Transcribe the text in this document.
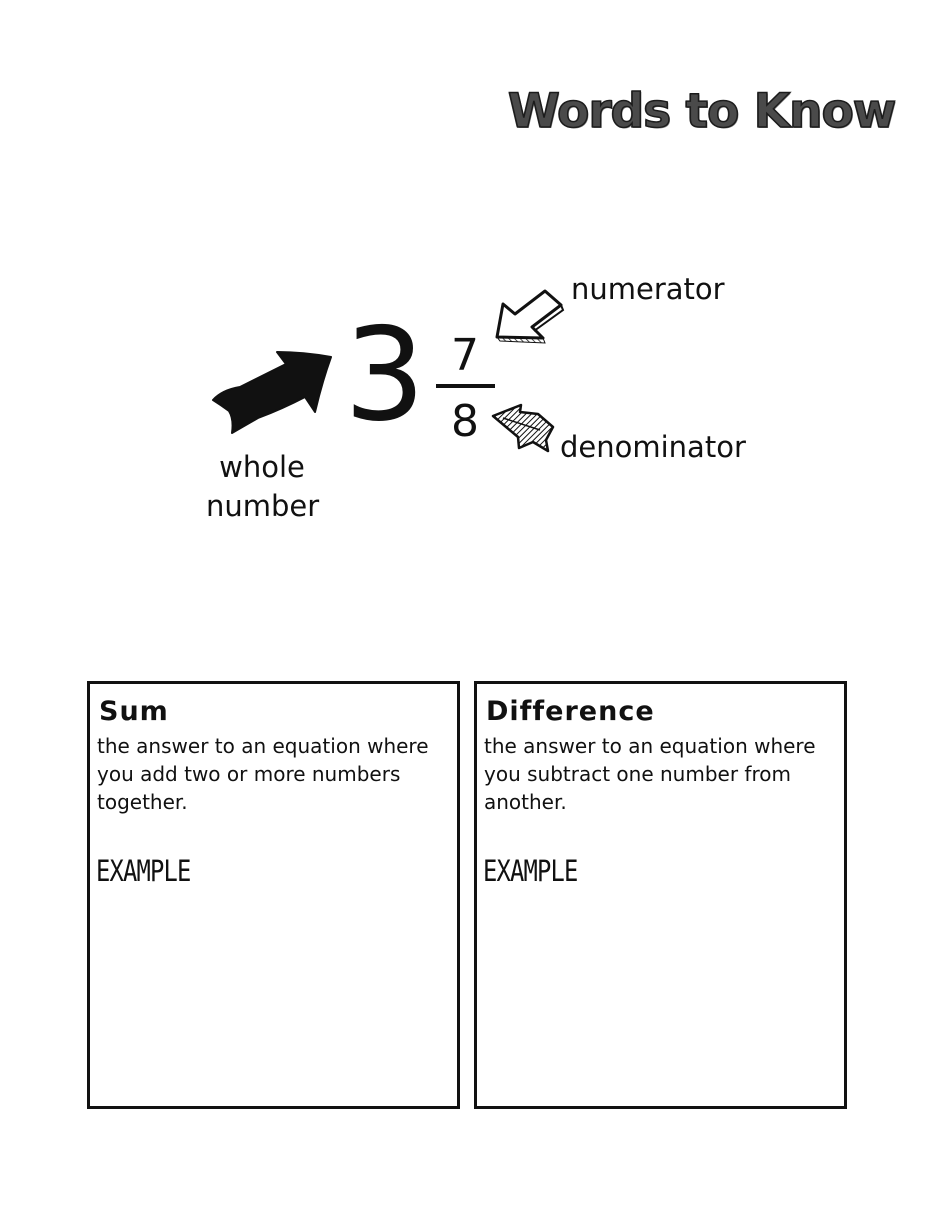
Words to Know
3 7
8
numerator
denominator
whole
number
Sum
the answer to an equation where you add two or more numbers together.
EXAMPLE
Difference
the answer to an equation where you subtract one number from another.
EXAMPLE
